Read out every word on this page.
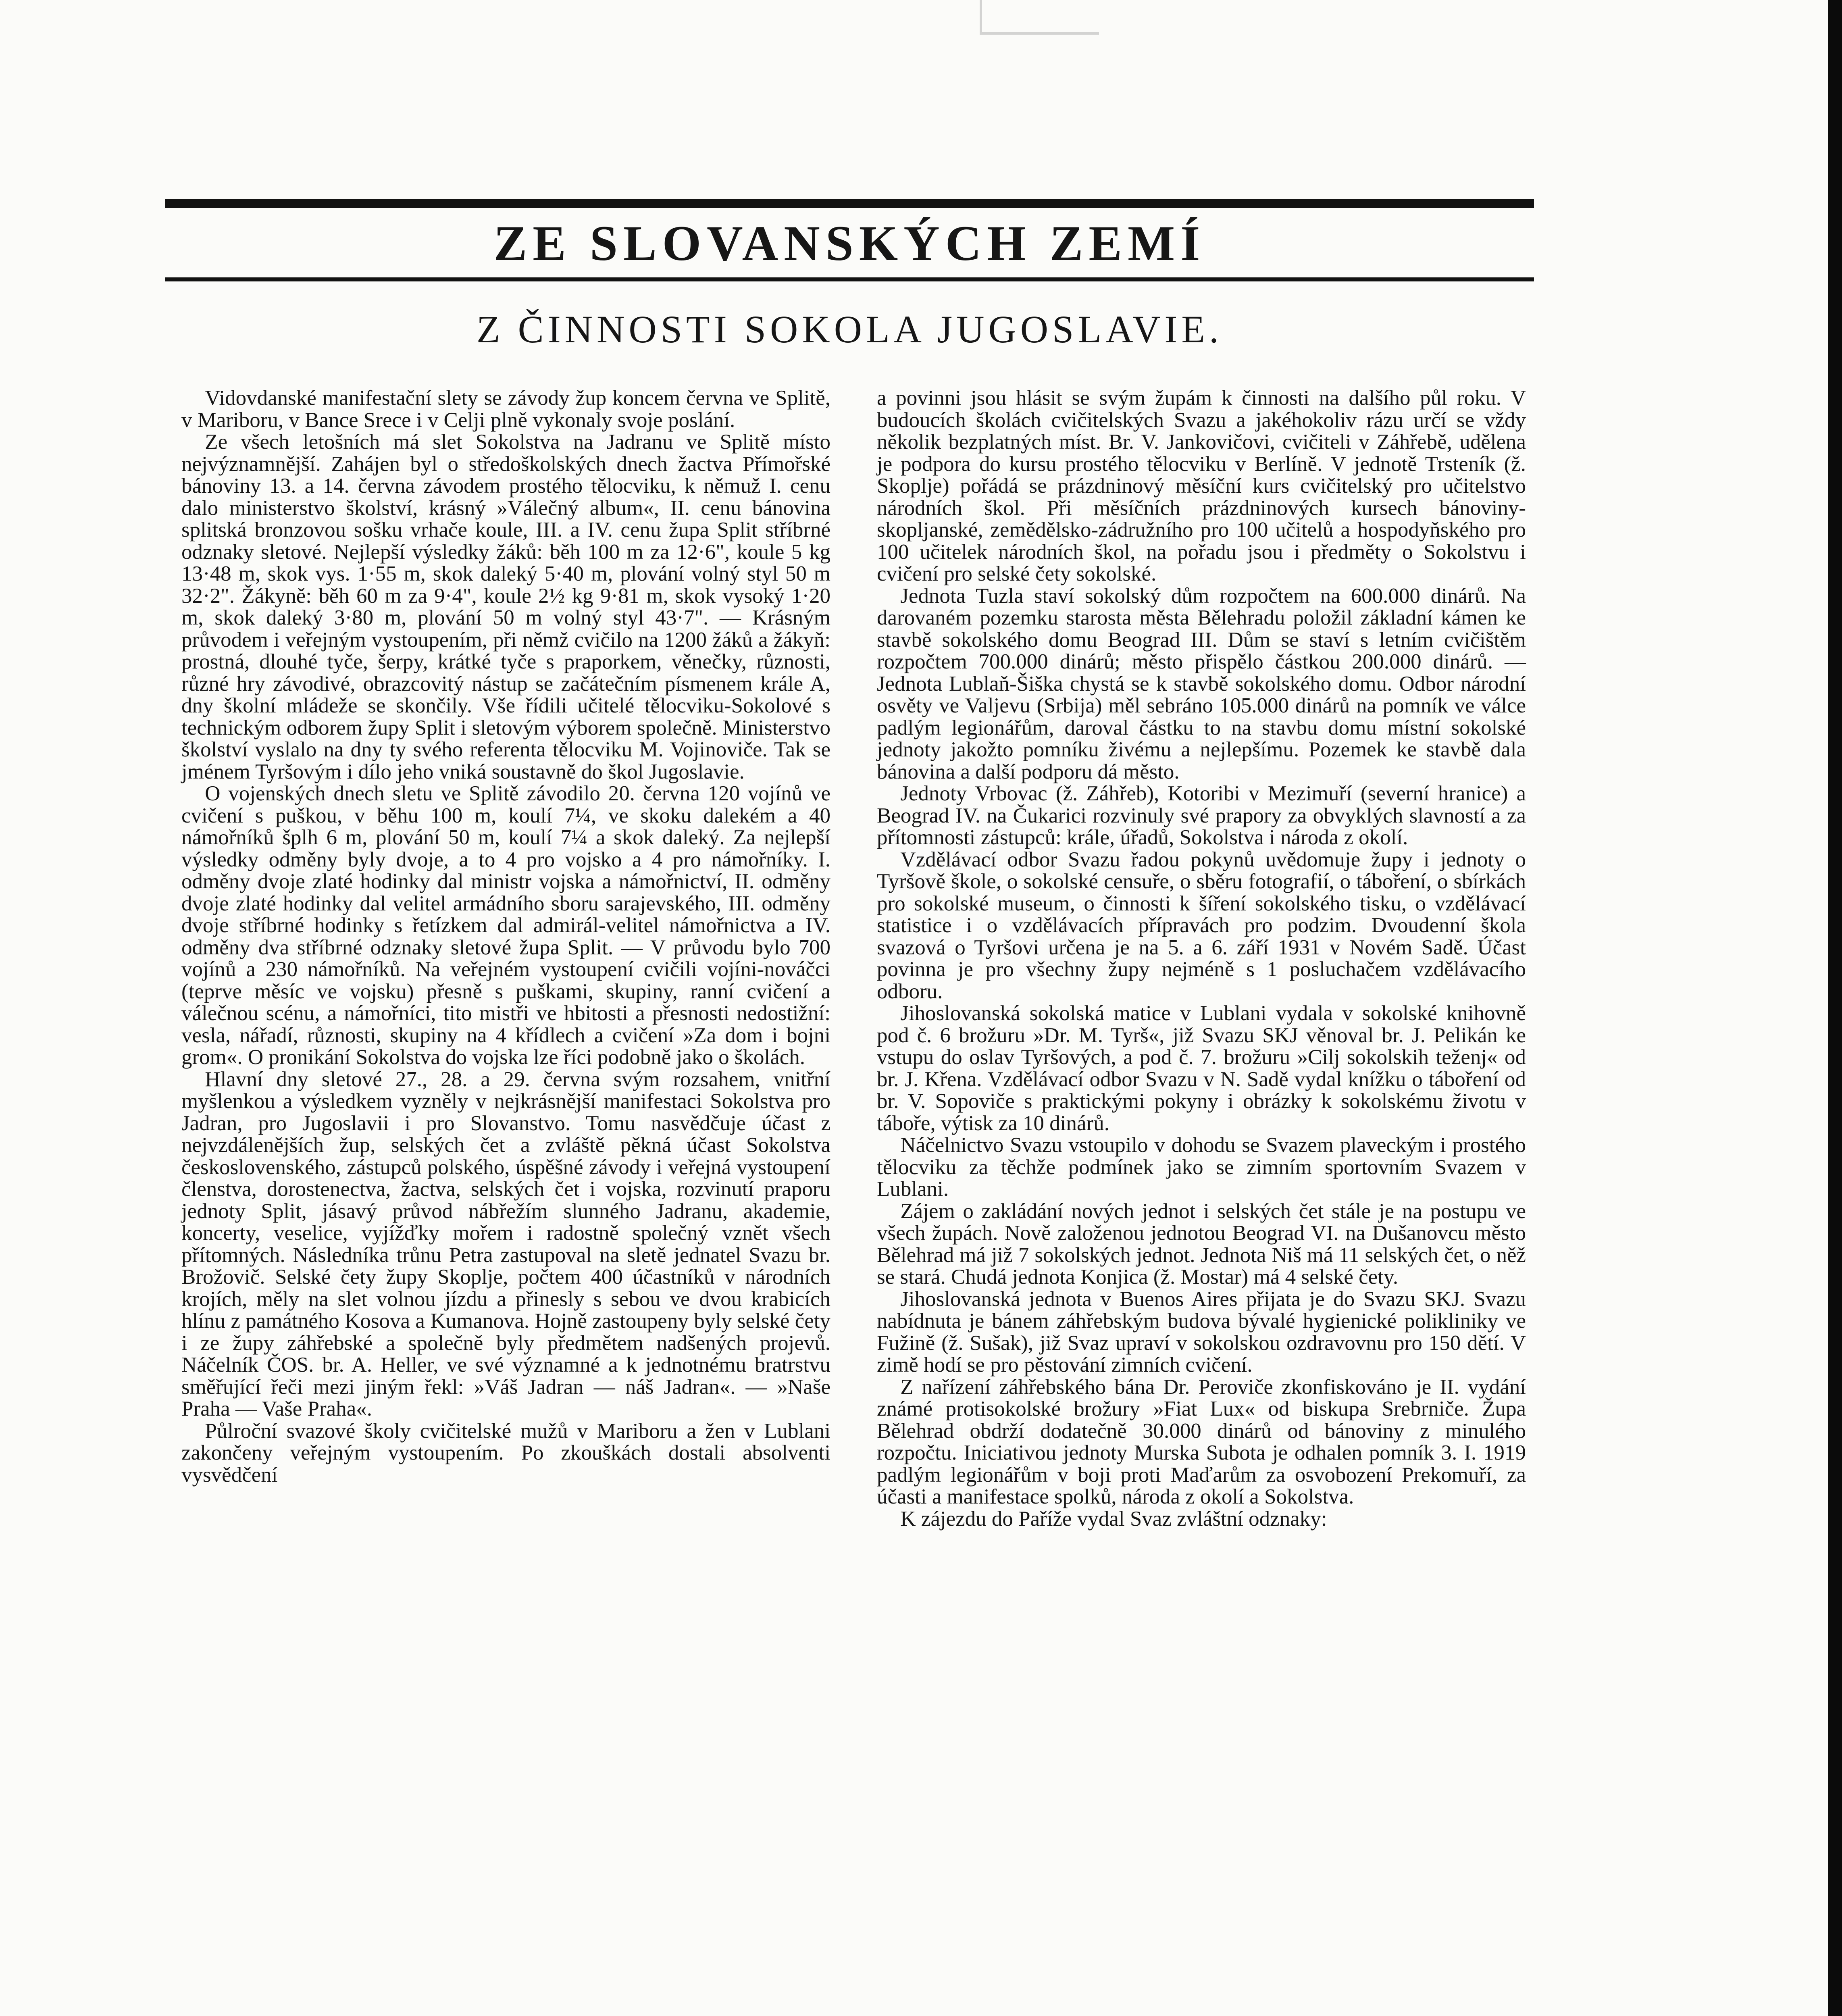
ZE SLOVANSKÝCH ZEMÍ
Z ČINNOSTI SOKOLA JUGOSLAVIE.

Vidovdanské manifestační slety se závody žup koncem června ve Splitě, v Mariboru, v Bance Srece i v Celji plně vykonaly svoje poslání.

Ze všech letošních má slet Sokolstva na Jadranu ve Splitě místo nejvýznamnější. Zahájen byl o středoškolských dnech žactva Přímořské bánoviny 13. a 14. června závodem prostého tělocviku, k němuž I. cenu dalo ministerstvo školství, krásný »Válečný album«, II. cenu bánovina splitská bronzovou sošku vrhače koule, III. a IV. cenu župa Split stříbrné odznaky sletové. Nejlepší výsledky žáků: běh 100 m za 12·6", koule 5 kg 13·48 m, skok vys. 1·55 m, skok daleký 5·40 m, plování volný styl 50 m 32·2". Žákyně: běh 60 m za 9·4", koule 2½ kg 9·81 m, skok vysoký 1·20 m, skok daleký 3·80 m, plování 50 m volný styl 43·7". — Krásným průvodem i veřejným vystoupením, při němž cvičilo na 1200 žáků a žákyň: prostná, dlouhé tyče, šerpy, krátké tyče s praporkem, věnečky, různosti, různé hry závodivé, obrazcovitý nástup se začátečním písmenem krále A, dny školní mládeže se skončily. Vše řídili učitelé tělocviku-Sokolové s technickým odborem župy Split i sletovým výborem společně. Ministerstvo školství vyslalo na dny ty svého referenta tělocviku M. Vojinoviče. Tak se jménem Tyršovým i dílo jeho vniká soustavně do škol Jugoslavie.

O vojenských dnech sletu ve Splitě závodilo 20. června 120 vojínů ve cvičení s puškou, v běhu 100 m, koulí 7¼, ve skoku dalekém a 40 námořníků šplh 6 m, plování 50 m, koulí 7¼ a skok daleký. Za nejlepší výsledky odměny byly dvoje, a to 4 pro vojsko a 4 pro námořníky. I. odměny dvoje zlaté hodinky dal ministr vojska a námořnictví, II. odměny dvoje zlaté hodinky dal velitel armádního sboru sarajevského, III. odměny dvoje stříbrné hodinky s řetízkem dal admirál-velitel námořnictva a IV. odměny dva stříbrné odznaky sletové župa Split. — V průvodu bylo 700 vojínů a 230 námořníků. Na veřejném vystoupení cvičili vojíni-nováčci (teprve měsíc ve vojsku) přesně s puškami, skupiny, ranní cvičení a válečnou scénu, a námořníci, tito mistři ve hbitosti a přesnosti nedostižní: vesla, nářadí, různosti, skupiny na 4 křídlech a cvičení »Za dom i bojni grom«. O pronikání Sokolstva do vojska lze říci podobně jako o školách.

Hlavní dny sletové 27., 28. a 29. června svým rozsahem, vnitřní myšlenkou a výsledkem vyzněly v nejkrásnější manifestaci Sokolstva pro Jadran, pro Jugoslavii i pro Slovanstvo. Tomu nasvědčuje účast z nejvzdálenějších žup, selských čet a zvláště pěkná účast Sokolstva československého, zástupců polského, úspěšné závody i veřejná vystoupení členstva, dorostenectva, žactva, selských čet i vojska, rozvinutí praporu jednoty Split, jásavý průvod nábřežím slunného Jadranu, akademie, koncerty, veselice, vyjížďky mořem i radostně společný vznět všech přítomných. Následníka trůnu Petra zastupoval na sletě jednatel Svazu br. Brožovič. Selské čety župy Skoplje, počtem 400 účastníků v národních krojích, měly na slet volnou jízdu a přinesly s sebou ve dvou krabicích hlínu z památného Kosova a Kumanova. Hojně zastoupeny byly selské čety i ze župy záhřebské a společně byly předmětem nadšených projevů. Náčelník ČOS. br. A. Heller, ve své významné a k jednotnému bratrstvu směřující řeči mezi jiným řekl: »Váš Jadran — náš Jadran«. — »Naše Praha — Vaše Praha«.

Půlroční svazové školy cvičitelské mužů v Mariboru a žen v Lublani zakončeny veřejným vystoupením. Po zkouškách dostali absolventi vysvědčení

a povinni jsou hlásit se svým župám k činnosti na dalšího půl roku. V budoucích školách cvičitelských Svazu a jakéhokoliv rázu určí se vždy několik bezplatných míst. Br. V. Jankovičovi, cvičiteli v Záhřebě, udělena je podpora do kursu prostého tělocviku v Berlíně. V jednotě Trsteník (ž. Skoplje) pořádá se prázdninový měsíční kurs cvičitelský pro učitelstvo národních škol. Při měsíčních prázdninových kursech bánoviny-skopljanské, zemědělsko-zádružního pro 100 učitelů a hospodyňského pro 100 učitelek národních škol, na pořadu jsou i předměty o Sokolstvu i cvičení pro selské čety sokolské.

Jednota Tuzla staví sokolský dům rozpočtem na 600.000 dinárů. Na darovaném pozemku starosta města Bělehradu položil základní kámen ke stavbě sokolského domu Beograd III. Dům se staví s letním cvičištěm rozpočtem 700.000 dinárů; město přispělo částkou 200.000 dinárů. — Jednota Lublaň-Šiška chystá se k stavbě sokolského domu. Odbor národní osvěty ve Valjevu (Srbija) měl sebráno 105.000 dinárů na pomník ve válce padlým legionářům, daroval částku to na stavbu domu místní sokolské jednoty jakožto pomníku živému a nejlepšímu. Pozemek ke stavbě dala bánovina a další podporu dá město.

Jednoty Vrbovac (ž. Záhřeb), Kotoribi v Mezimuří (severní hranice) a Beograd IV. na Čukarici rozvinuly své prapory za obvyklých slavností a za přítomnosti zástupců: krále, úřadů, Sokolstva i národa z okolí.

Vzdělávací odbor Svazu řadou pokynů uvědomuje župy i jednoty o Tyršově škole, o sokolské censuře, o sběru fotografií, o táboření, o sbírkách pro sokolské museum, o činnosti k šíření sokolského tisku, o vzdělávací statistice i o vzdělávacích přípravách pro podzim. Dvoudenní škola svazová o Tyršovi určena je na 5. a 6. září 1931 v Novém Sadě. Účast povinna je pro všechny župy nejméně s 1 posluchačem vzdělávacího odboru.

Jihoslovanská sokolská matice v Lublani vydala v sokolské knihovně pod č. 6 brožuru »Dr. M. Tyrš«, již Svazu SKJ věnoval br. J. Pelikán ke vstupu do oslav Tyršových, a pod č. 7. brožuru »Cilj sokolskih teženj« od br. J. Křena. Vzdělávací odbor Svazu v N. Sadě vydal knížku o táboření od br. V. Sopoviče s praktickými pokyny i obrázky k sokolskému životu v táboře, výtisk za 10 dinárů.

Náčelnictvo Svazu vstoupilo v dohodu se Svazem plaveckým i prostého tělocviku za těchže podmínek jako se zimním sportovním Svazem v Lublani.

Zájem o zakládání nových jednot i selských čet stále je na postupu ve všech župách. Nově založenou jednotou Beograd VI. na Dušanovcu město Bělehrad má již 7 sokolských jednot. Jednota Niš má 11 selských čet, o něž se stará. Chudá jednota Konjica (ž. Mostar) má 4 selské čety.

Jihoslovanská jednota v Buenos Aires přijata je do Svazu SKJ. Svazu nabídnuta je bánem záhřebským budova bývalé hygienické polikliniky ve Fužině (ž. Sušak), již Svaz upraví v sokolskou ozdravovnu pro 150 dětí. V zimě hodí se pro pěstování zimních cvičení.

Z nařízení záhřebského bána Dr. Peroviče zkonfiskováno je II. vydání známé protisokolské brožury »Fiat Lux« od biskupa Srebrniče. Župa Bělehrad obdrží dodatečně 30.000 dinárů od bánoviny z minulého rozpočtu. Iniciativou jednoty Murska Subota je odhalen pomník 3. I. 1919 padlým legionářům v boji proti Maďarům za osvobození Prekomuří, za účasti a manifestace spolků, národa z okolí a Sokolstva.

K zájezdu do Paříže vydal Svaz zvláštní odznaky:
